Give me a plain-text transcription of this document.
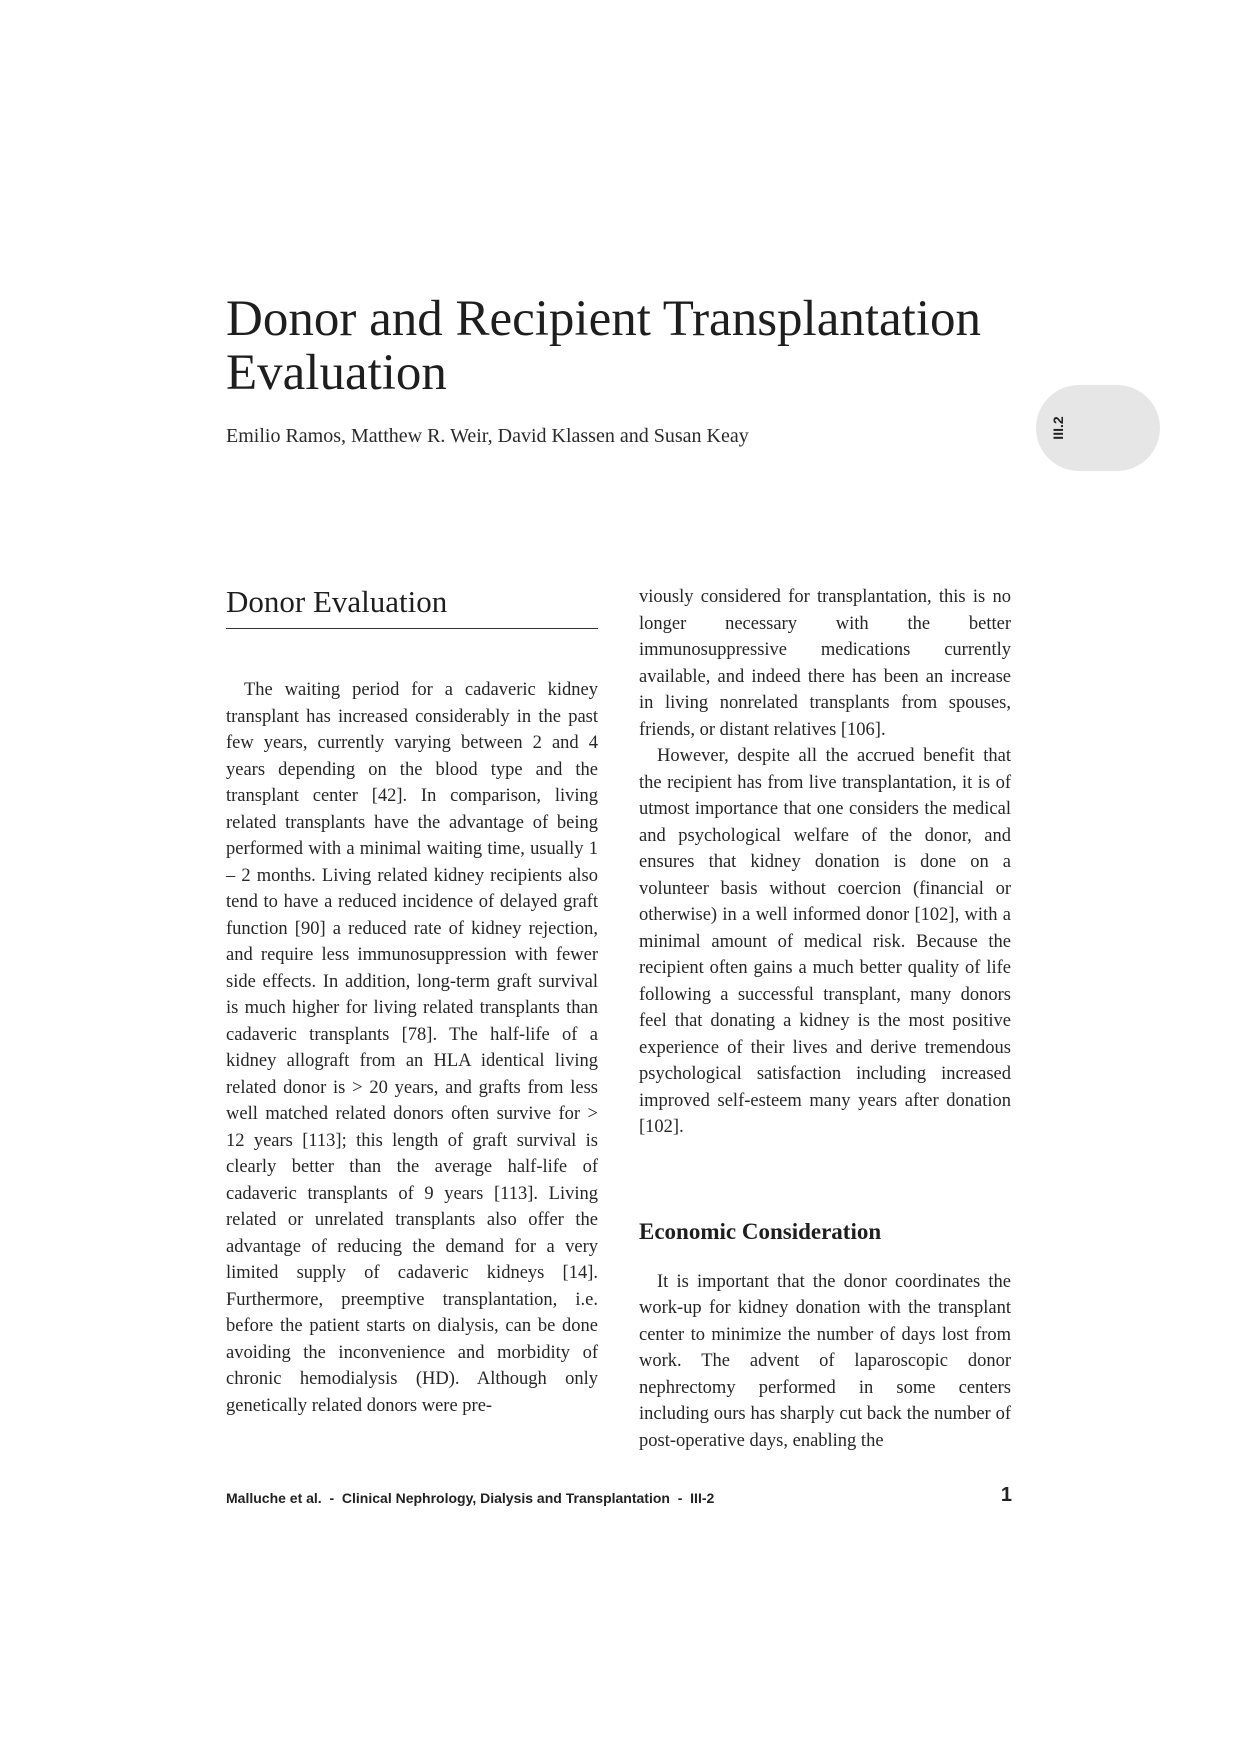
Donor and Recipient Transplantation Evaluation
Emilio Ramos, Matthew R. Weir, David Klassen and Susan Keay	III.2
Donor Evaluation

The waiting period for a cadaveric kidney transplant has increased considerably in the past few years, currently varying between 2 and 4 years depending on the blood type and the transplant center [42]. In comparison, living related transplants have the advantage of being performed with a minimal waiting time, usually 1 – 2 months. Living related kidney recipients also tend to have a reduced incidence of delayed graft function [90] a reduced rate of kidney rejection, and require less immunosuppression with fewer side effects. In addition, long-term graft survival is much higher for living related transplants than cadaveric transplants [78]. The half-life of a kidney allograft from an HLA identical living related donor is > 20 years, and grafts from less well matched related donors often survive for > 12 years [113]; this length of graft survival is clearly better than the average half-life of cadaveric transplants of 9 years [113]. Living related or unrelated transplants also offer the advantage of reducing the demand for a very limited supply of cadaveric kidneys [14]. Furthermore, preemptive transplantation, i.e. before the patient starts on dialysis, can be done avoiding the inconvenience and morbidity of chronic hemodialysis (HD). Although only genetically related donors were pre-

viously considered for transplantation, this is no longer necessary with the better immunosuppressive medications currently available, and indeed there has been an increase in living nonrelated transplants from spouses, friends, or distant relatives [106].

However, despite all the accrued benefit that the recipient has from live transplantation, it is of utmost importance that one considers the medical and psychological welfare of the donor, and ensures that kidney donation is done on a volunteer basis without coercion (financial or otherwise) in a well informed donor [102], with a minimal amount of medical risk. Because the recipient often gains a much better quality of life following a successful transplant, many donors feel that donating a kidney is the most positive experience of their lives and derive tremendous psychological satisfaction including increased improved self-esteem many years after donation [102].

Economic Consideration

It is important that the donor coordinates the work-up for kidney donation with the transplant center to minimize the number of days lost from work. The advent of laparoscopic donor nephrectomy performed in some centers including ours has sharply cut back the number of post-operative days, enabling the

Malluche et al.  -  Clinical Nephrology, Dialysis and Transplantation  -  III-2	1
